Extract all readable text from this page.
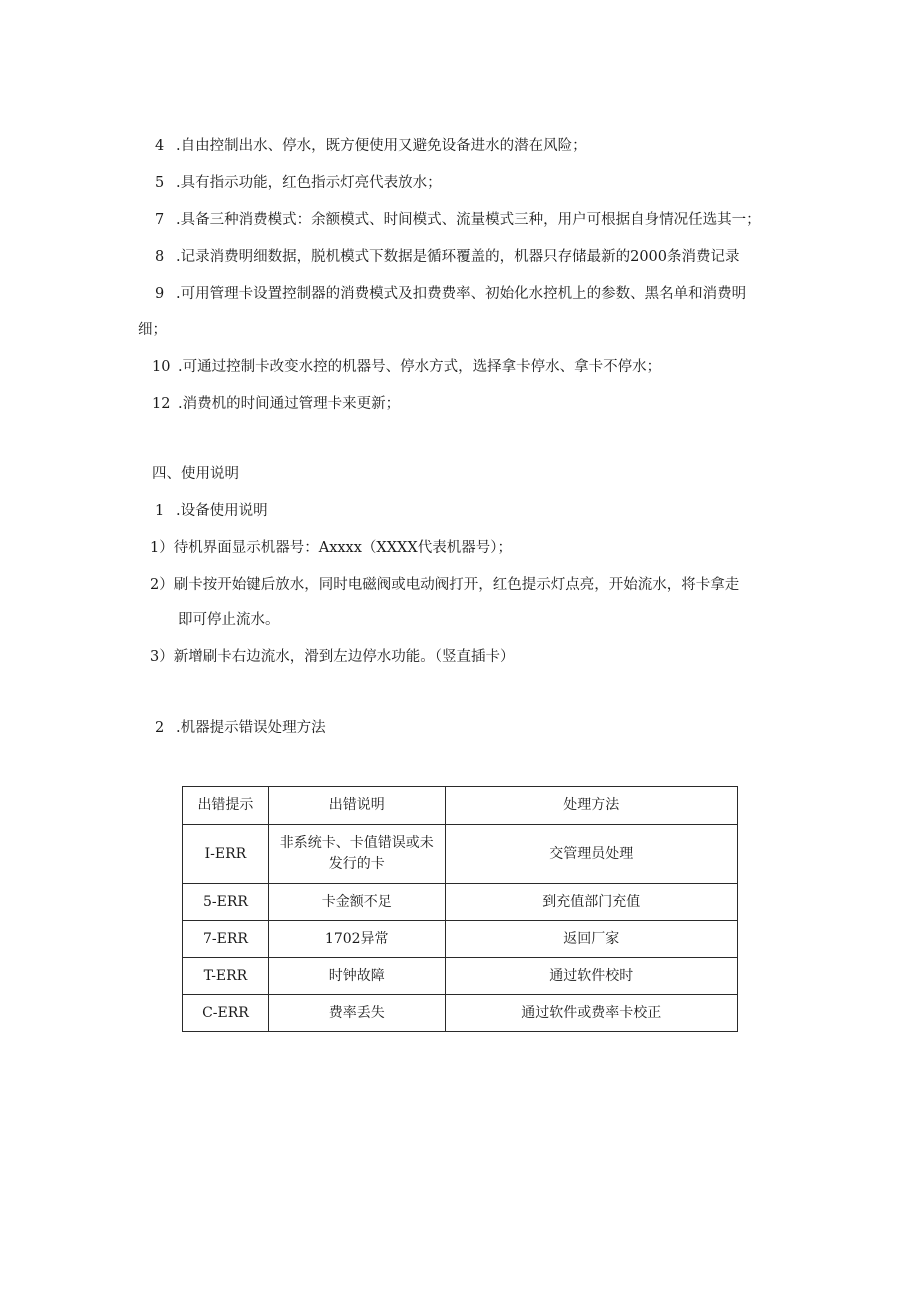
4 .自由控制出水、停水，既方便使用又避免设备进水的潜在风险；
5 .具有指示功能，红色指示灯亮代表放水；
7 .具备三种消费模式：余额模式、时间模式、流量模式三种，用户可根据自身情况任选其一；
8 .记录消费明细数据，脱机模式下数据是循环覆盖的，机器只存储最新的2000条消费记录
9 .可用管理卡设置控制器的消费模式及扣费费率、初始化水控机上的参数、黑名单和消费明
细；
10 .可通过控制卡改变水控的机器号、停水方式，选择拿卡停水、拿卡不停水；
12 .消费机的时间通过管理卡来更新；
四、使用说明
1 .设备使用说明
1）待机界面显示机器号：Axxxx（XXXX代表机器号）；
2）刷卡按开始键后放水，同时电磁阀或电动阀打开，红色提示灯点亮，开始流水，将卡拿走
即可停止流水。
3）新增刷卡右边流水，滑到左边停水功能。（竖直插卡）
2 .机器提示错误处理方法
出错提示	出错说明	处理方法
I-ERR	非系统卡、卡值错误或未
发行的卡	交管理员处理
5-ERR	卡金额不足	到充值部门充值
7-ERR	1702异常	返回厂家
T-ERR	时钟故障	通过软件校时
C-ERR	费率丢失	通过软件或费率卡校正
